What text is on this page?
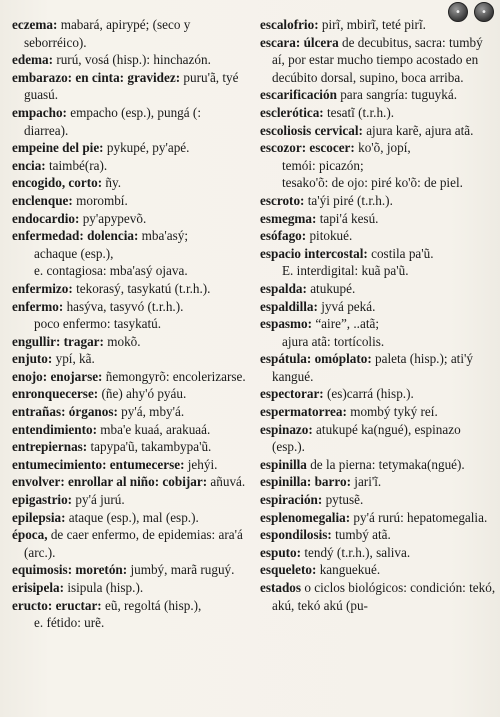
•	•

eczema: mabará, apirypé; (seco y seborréico).

edema: rurú, vosá (hisp.): hinchazón.

embarazo: en cinta: gravidez: puru'ã, tyé guasú.

empacho: empacho (esp.), pungá (: diarrea).

empeine del pie: pykupé, py'apé.

encia: taimbé(ra).

encogido, corto: ñy.

enclenque: morombí.

endocardio: py'apypevõ.

enfermedad: dolencia: mba'asý;

achaque (esp.),

e. contagiosa: mba'asý ojava.

enfermizo: tekorasý, tasykatú (t.r.h.).

enfermo: hasýva, tasyvó (t.r.h.).

poco enfermo: tasykatú.

engullir: tragar: mokõ.

enjuto: ypí, kã.

enojo: enojarse: ñemongyrõ: encolerizarse.

enronquecerse: (ñe) ahy'ó pyáu.

entrañas: órganos: py'á, mby'á.

entendimiento: mba'e kuaá, arakuaá.

entrepiernas: tapypa'ũ, takambypa'ũ.

entumecimiento: entumecerse: jehýi.

envolver: enrollar al niño: cobijar: añuvá.

epigastrio: py'á jurú.

epilepsia: ataque (esp.), mal (esp.).

época, de caer enfermo, de epidemias: ara'á (arc.).

equimosis: moretón: jumbý, marã ruguý.

erisipela: isipula (hisp.).

eructo: eructar: eũ, regoltá (hisp.),

e. fétido: urẽ.

escalofrio: pirĩ, mbirĩ, teté pirĩ.

escara: úlcera de decubitus, sacra: tumbý aí, por estar mucho tiempo acostado en decúbito dorsal, supino, boca arriba.

escarificación para sangría: tuguyká.

esclerótica: tesatĩ (t.r.h.).

escoliosis cervical: ajura karẽ, ajura atã.

escozor: escocer: ko'õ, jopí,

temói: picazón;

tesako'õ: de ojo: piré ko'õ: de piel.

escroto: ta'ýi piré (t.r.h.).

esmegma: tapi'á kesú.

esófago: pitokué.

espacio intercostal: costila pa'ũ.

E. interdigital: kuã pa'ũ.

espalda: atukupé.

espaldilla: jyvá peká.

espasmo: “aire”, ..atã;

ajura atã: tortícolis.

espátula: omóplato: paleta (hisp.); ati'ý kangué.

espectorar: (es)carrá (hisp.).

espermatorrea: mombý tyký reí.

espinazo: atukupé ka(ngué), espinazo (esp.).

espinilla de la pierna: tetymaka(ngué).

espinilla: barro: jari'ĩ.

espiración: pytusẽ.

esplenomegalia: py'á rurú: hepatomegalia.

espondilosis: tumbý atã.

esputo: tendý (t.r.h.), saliva.

esqueleto: kanguekué.

estados o ciclos biológicos: condición: tekó, akú, tekó akú (pu-
